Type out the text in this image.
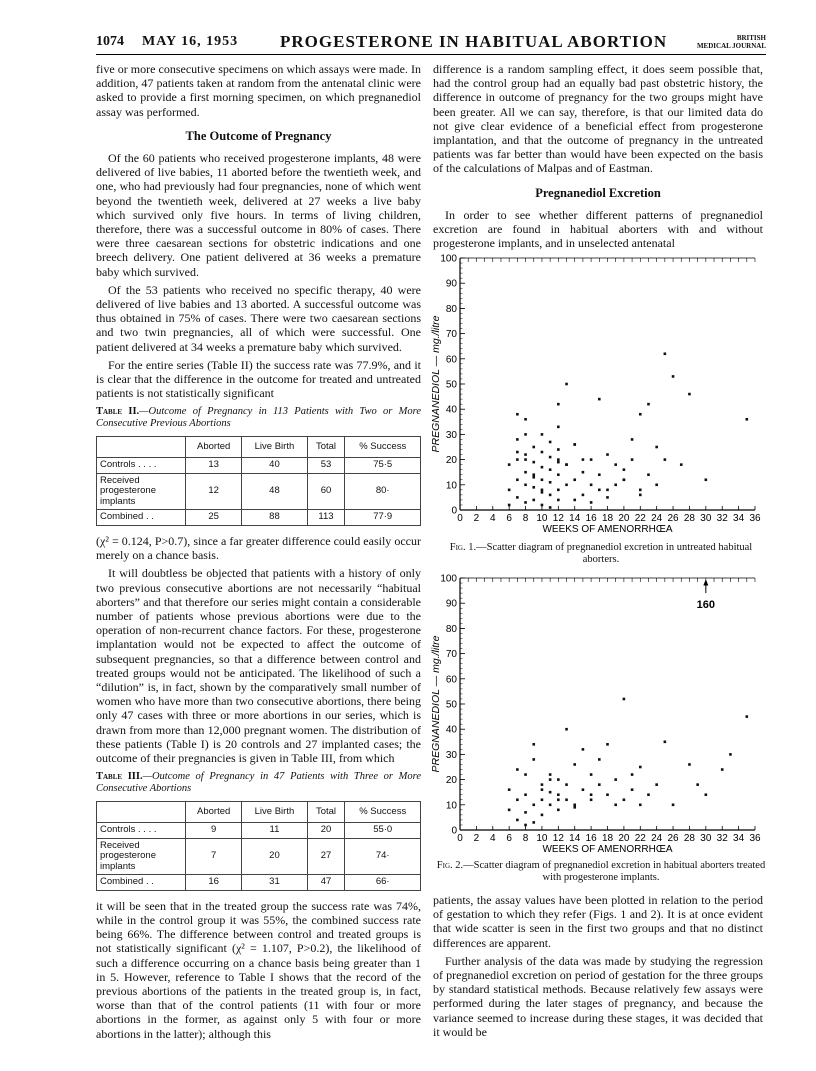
1074 MAY 16, 1953 PROGESTERONE IN HABITUAL ABORTION	BRITISH
MEDICAL JOURNAL

five or more consecutive specimens on which assays were made. In addition, 47 patients taken at random from the antenatal clinic were asked to provide a first morning specimen, on which pregnanediol assay was performed.

The Outcome of Pregnancy

Of the 60 patients who received progesterone implants, 48 were delivered of live babies, 11 aborted before the twentieth week, and one, who had previously had four pregnancies, none of which went beyond the twentieth week, delivered at 27 weeks a live baby which survived only five hours. In terms of living children, therefore, there was a successful outcome in 80% of cases. There were three caesarean sections for obstetric indications and one breech delivery. One patient delivered at 36 weeks a premature baby which survived.

Of the 53 patients who received no specific therapy, 40 were delivered of live babies and 13 aborted. A successful outcome was thus obtained in 75% of cases. There were two caesarean sections and two twin pregnancies, all of which were successful. One patient delivered at 34 weeks a premature baby which survived.

For the entire series (Table II) the success rate was 77.9%, and it is clear that the difference in the outcome for treated and untreated patients is not statistically significant

Table II.—Outcome of Pregnancy in 113 Patients with Two or More Consecutive Previous Abortions
	Aborted	Live Birth	Total	% Success
Controls . . . .	13	40	53	75·5
Received progesterone implants	12	48	60	80·
Combined . .	25	88	113	77·9

(χ² = 0.124, P>0.7), since a far greater difference could easily occur merely on a chance basis.

It will doubtless be objected that patients with a history of only two previous consecutive abortions are not necessarily “habitual aborters” and that therefore our series might contain a considerable number of patients whose previous abortions were due to the operation of non-recurrent chance factors. For these, progesterone implantation would not be expected to affect the outcome of subsequent pregnancies, so that a difference between control and treated groups would not be anticipated. The likelihood of such a “dilution” is, in fact, shown by the comparatively small number of women who have more than two consecutive abortions, there being only 47 cases with three or more abortions in our series, which is drawn from more than 12,000 pregnant women. The distribution of these patients (Table I) is 20 controls and 27 implanted cases; the outcome of their pregnancies is given in Table III, from which

Table III.—Outcome of Pregnancy in 47 Patients with Three or More Consecutive Abortions
	Aborted	Live Birth	Total	% Success
Controls . . . .	9	11	20	55·0
Received progesterone implants	7	20	27	74·
Combined . .	16	31	47	66·

it will be seen that in the treated group the success rate was 74%, while in the control group it was 55%, the combined success rate being 66%. The difference between control and treated groups is not statistically significant (χ² = 1.107, P>0.2), the likelihood of such a difference occurring on a chance basis being greater than 1 in 5. However, reference to Table I shows that the record of the previous abortions of the patients in the treated group is, in fact, worse than that of the control patients (11 with four or more abortions in the former, as against only 5 with four or more abortions in the latter); although this

difference is a random sampling effect, it does seem possible that, had the control group had an equally bad past obstetric history, the difference in outcome of pregnancy for the two groups might have been greater. All we can say, therefore, is that our limited data do not give clear evidence of a beneficial effect from progesterone implantation, and that the outcome of pregnancy in the untreated patients was far better than would have been expected on the basis of the calculations of Malpas and of Eastman.

Pregnanediol Excretion

In order to see whether different patterns of pregnanediol excretion are found in habitual aborters with and without progesterone implants, and in unselected antenatal

0
10
20
30
40
50
60
70
80
90
100
0 2 4 6 8 10 12 14 16 18 20 22 24 26 28 30 32 34 36
WEEKS OF AMENORRHŒA
PREGNANEDIOL — mg./litre
Fig. 1.—Scatter diagram of pregnanediol excretion in untreated habitual aborters.
0
10
20
30
40
50
60
70
80
90
100
0 2 4 6 8 10 12 14 16 18 20 22 24 26 28 30 32 34 36
WEEKS OF AMENORRHŒA
PREGNANEDIOL — mg./litre
160
Fig. 2.—Scatter diagram of pregnanediol excretion in habitual aborters treated with progesterone implants.

patients, the assay values have been plotted in relation to the period of gestation to which they refer (Figs. 1 and 2). It is at once evident that wide scatter is seen in the first two groups and that no distinct differences are apparent.

Further analysis of the data was made by studying the regression of pregnanediol excretion on period of gestation for the three groups by standard statistical methods. Because relatively few assays were performed during the later stages of pregnancy, and because the variance seemed to increase during these stages, it was decided that it would be
